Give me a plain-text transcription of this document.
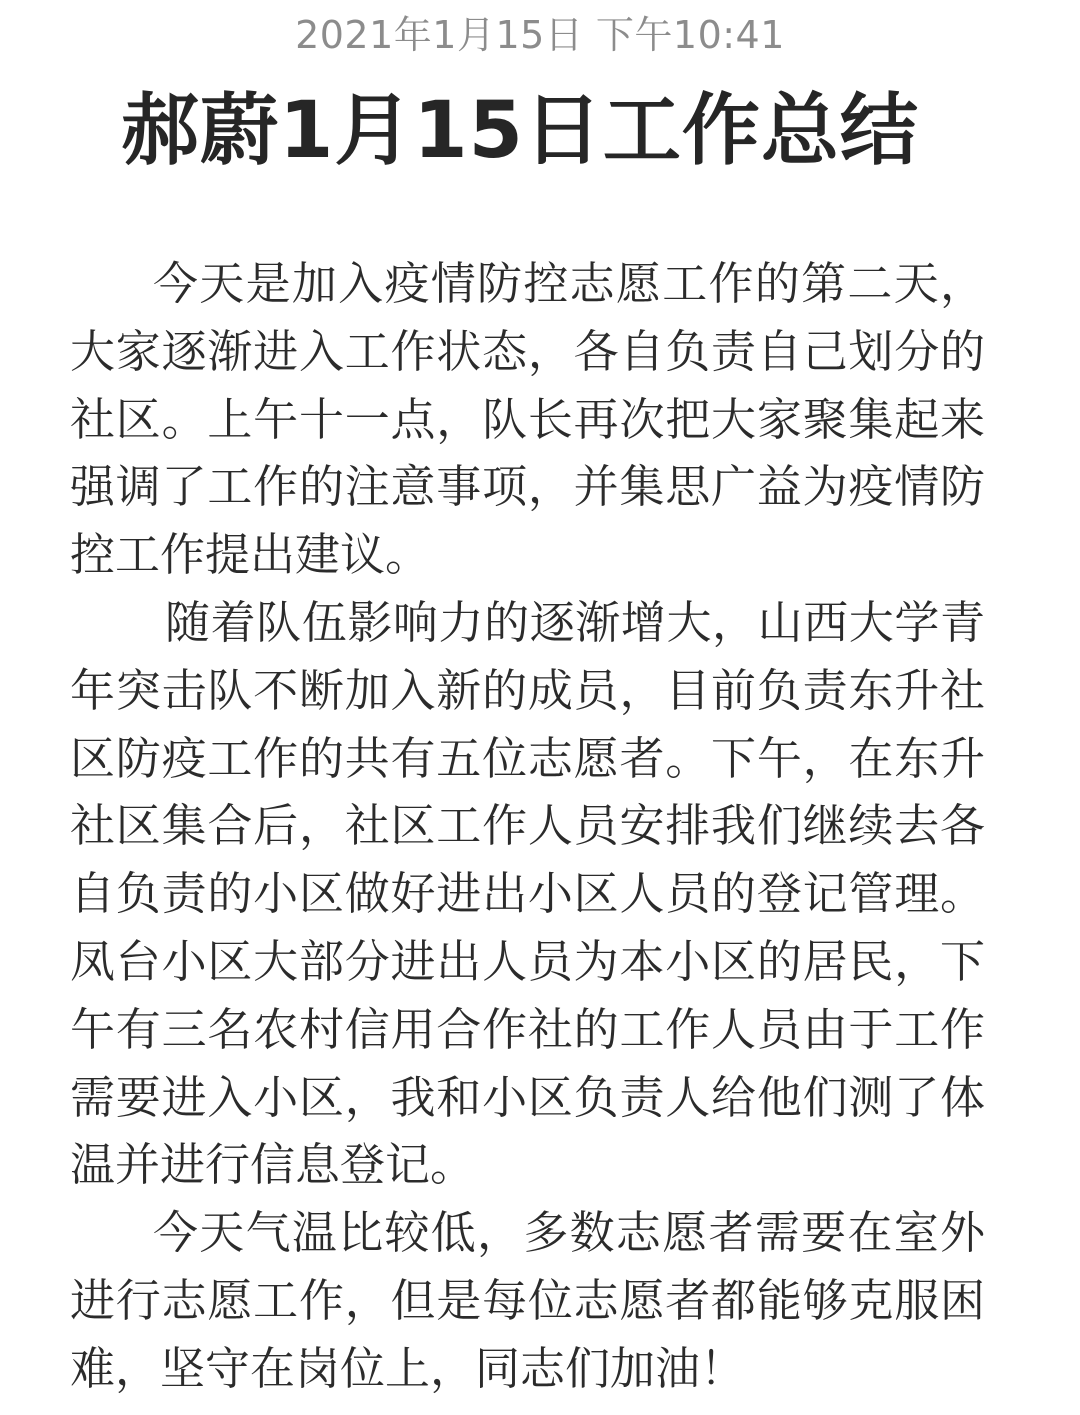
2021年1月15日 下午10:41
郝蔚1月15日工作总结

今天是加入疫情防控志愿工作的第二天，大家逐渐进入工作状态，各自负责自己划分的社区。上午十一点，队长再次把大家聚集起来强调了工作的注意事项，并集思广益为疫情防控工作提出建议。

随着队伍影响力的逐渐增大，山西大学青年突击队不断加入新的成员，目前负责东升社区防疫工作的共有五位志愿者。下午，在东升社区集合后，社区工作人员安排我们继续去各自负责的小区做好进出小区人员的登记管理。凤台小区大部分进出人员为本小区的居民，下午有三名农村信用合作社的工作人员由于工作需要进入小区，我和小区负责人给他们测了体温并进行信息登记。

今天气温比较低，多数志愿者需要在室外进行志愿工作，但是每位志愿者都能够克服困难，坚守在岗位上，同志们加油！
